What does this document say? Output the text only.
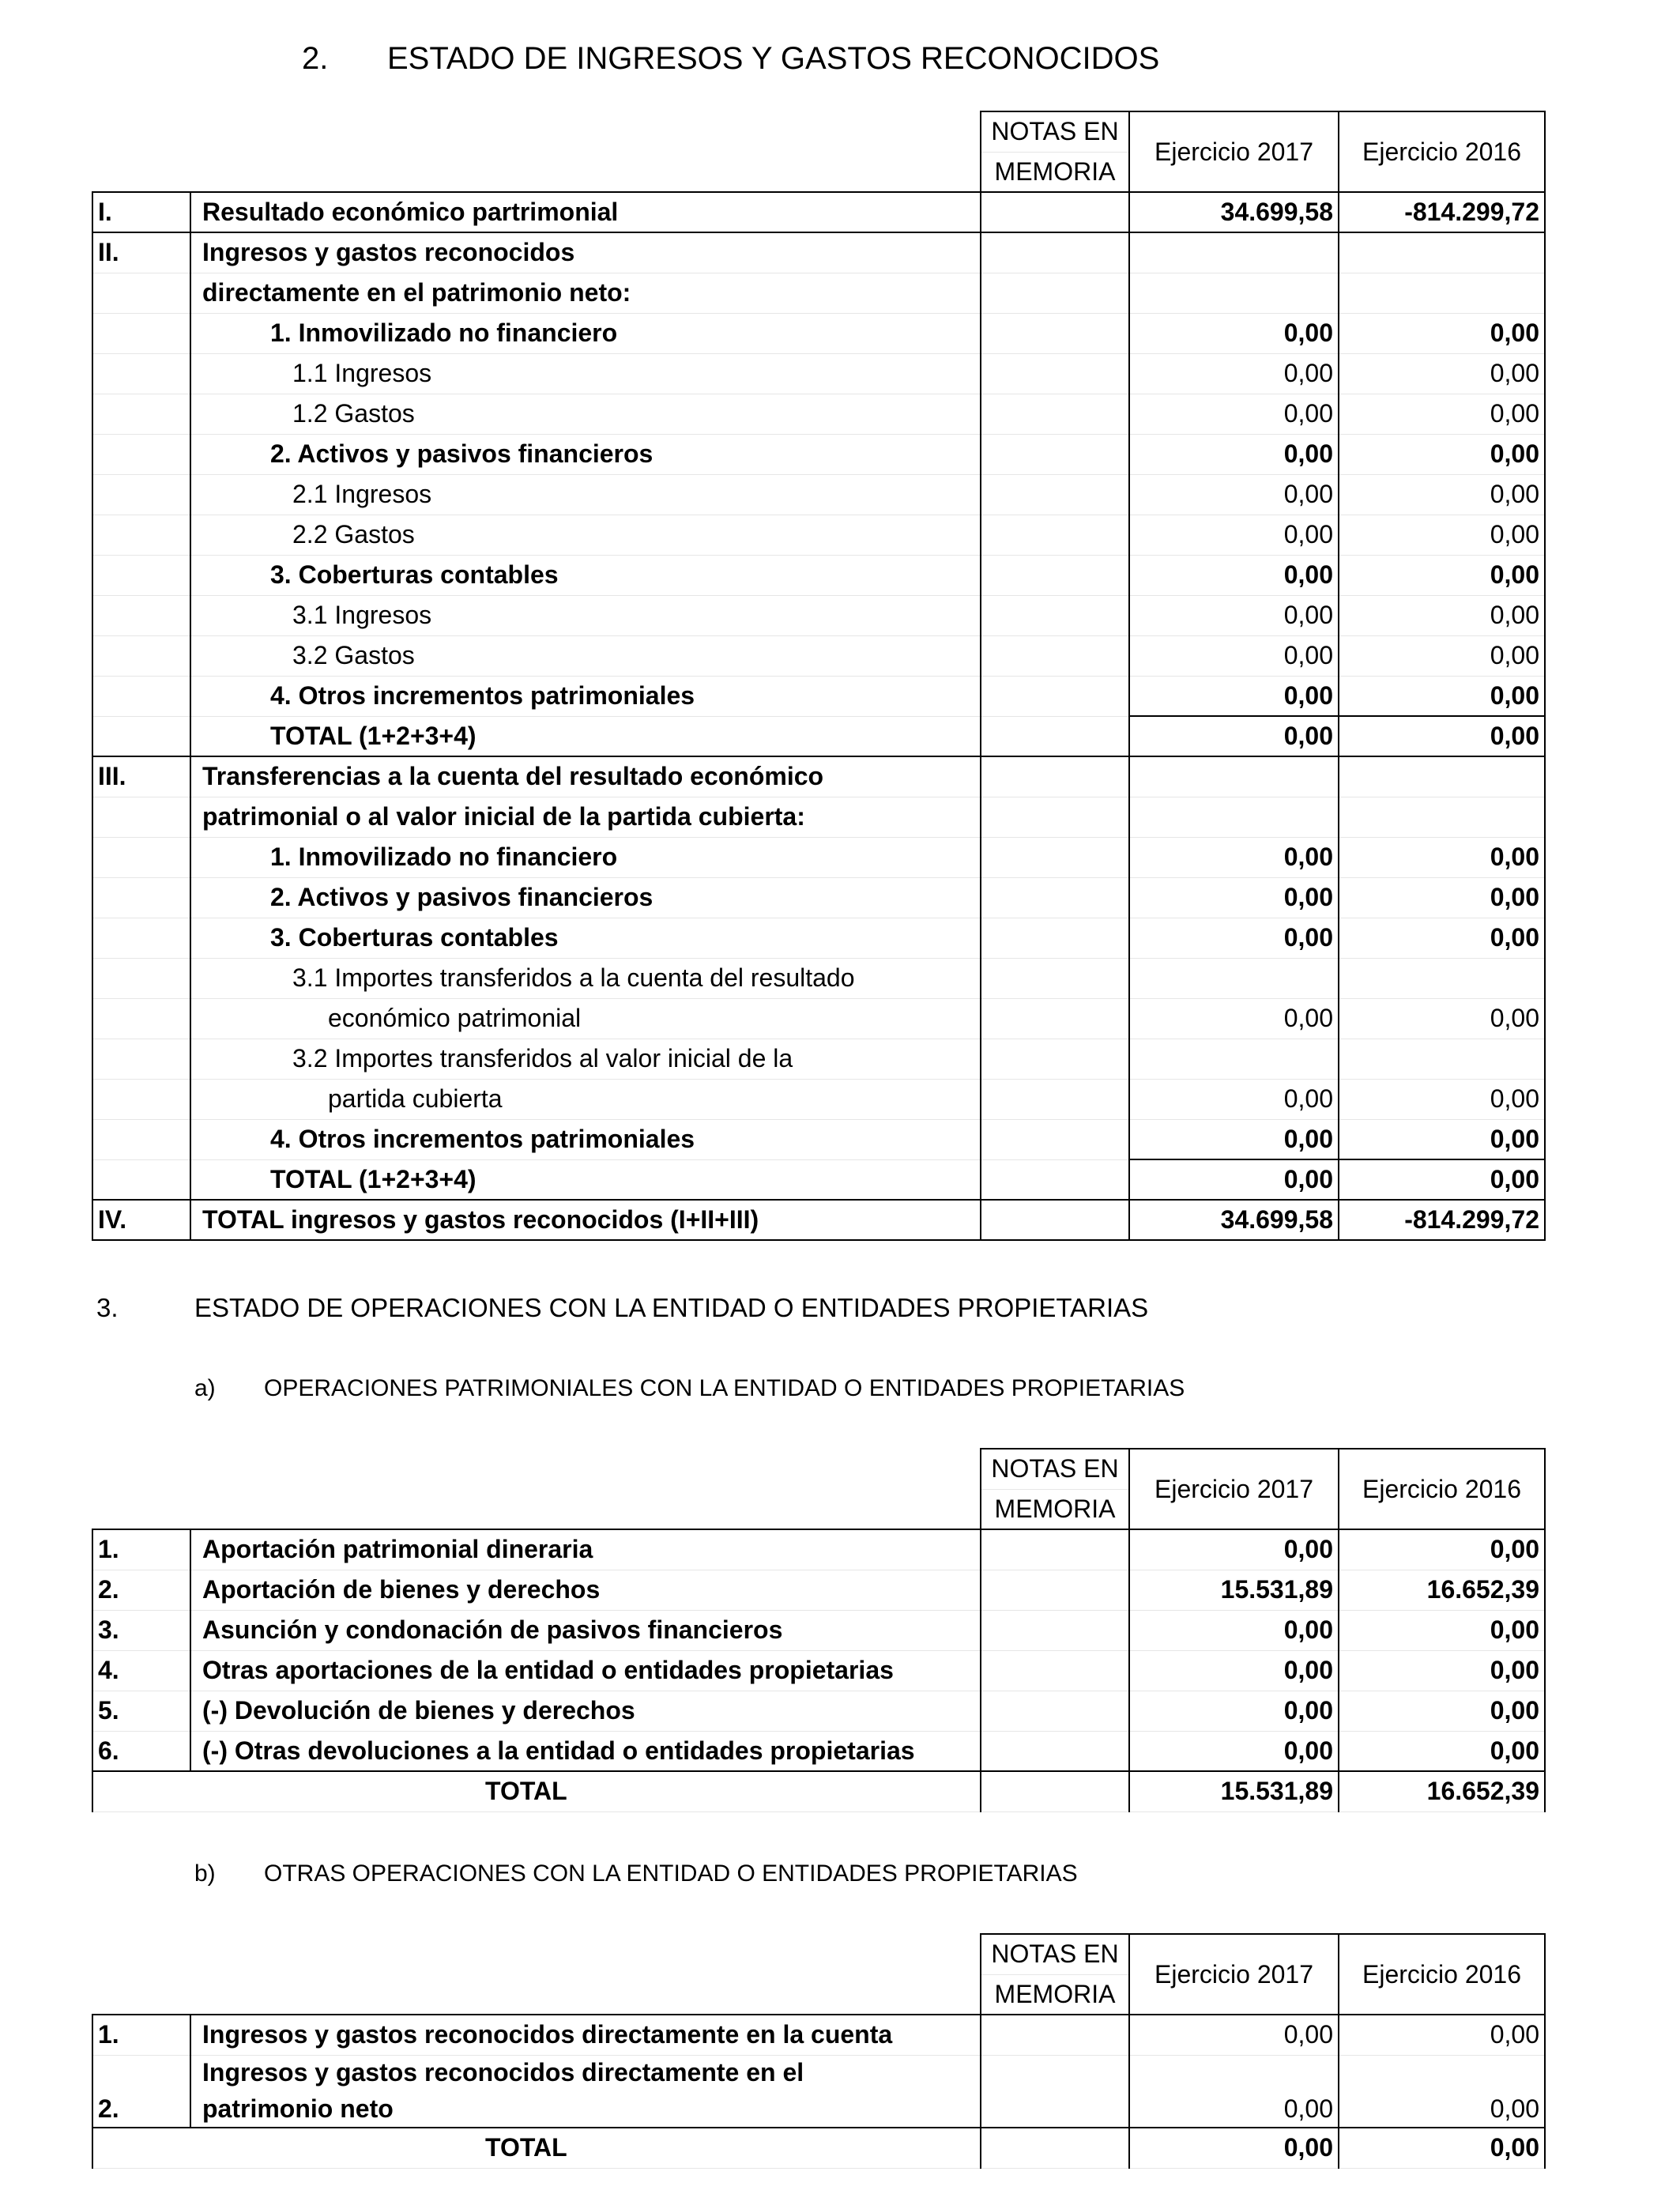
2. ESTADO DE INGRESOS Y GASTOS RECONOCIDOS
		NOTAS EN	Ejercicio 2017	Ejercicio 2016
		MEMORIA		
I.	Resultado económico partrimonial		34.699,58	-814.299,72
II.	Ingresos y gastos reconocidos			
	directamente en el patrimonio neto:			
	1. Inmovilizado no financiero		0,00	0,00
	1.1 Ingresos		0,00	0,00
	1.2 Gastos		0,00	0,00
	2. Activos y pasivos financieros		0,00	0,00
	2.1 Ingresos		0,00	0,00
	2.2 Gastos		0,00	0,00
	3. Coberturas contables		0,00	0,00
	3.1 Ingresos		0,00	0,00
	3.2 Gastos		0,00	0,00
	4. Otros incrementos patrimoniales		0,00	0,00
	TOTAL (1+2+3+4)		0,00	0,00
III.	Transferencias a la cuenta del resultado económico			
	patrimonial o al valor inicial de la partida cubierta:			
	1. Inmovilizado no financiero		0,00	0,00
	2. Activos y pasivos financieros		0,00	0,00
	3. Coberturas contables		0,00	0,00
	3.1 Importes transferidos a la cuenta del resultado			
	económico patrimonial		0,00	0,00
	3.2 Importes transferidos al valor inicial de la			
	partida cubierta		0,00	0,00
	4. Otros incrementos patrimoniales		0,00	0,00
	TOTAL (1+2+3+4)		0,00	0,00
IV.	TOTAL ingresos y gastos reconocidos (I+II+III)		34.699,58	-814.299,72
3.	ESTADO DE OPERACIONES CON LA ENTIDAD O ENTIDADES PROPIETARIAS
a) OPERACIONES PATRIMONIALES CON LA ENTIDAD O ENTIDADES PROPIETARIAS
		NOTAS EN	Ejercicio 2017	Ejercicio 2016
		MEMORIA		
1.	Aportación patrimonial dineraria		0,00	0,00
2.	Aportación de bienes y derechos		15.531,89	16.652,39
3.	Asunción y condonación de pasivos financieros		0,00	0,00
4.	Otras aportaciones de la entidad o entidades propietarias		0,00	0,00
5.	(-) Devolución de bienes y derechos		0,00	0,00
6.	(-) Otras devoluciones a la entidad o entidades propietarias		0,00	0,00
TOTAL			15.531,89	16.652,39
b) OTRAS OPERACIONES CON LA ENTIDAD O ENTIDADES PROPIETARIAS
		NOTAS EN	Ejercicio 2017	Ejercicio 2016
		MEMORIA		
1.	Ingresos y gastos reconocidos directamente en la cuenta		0,00	0,00
	Ingresos y gastos reconocidos directamente en el			
2.	patrimonio neto		0,00	0,00
TOTAL			0,00	0,00
